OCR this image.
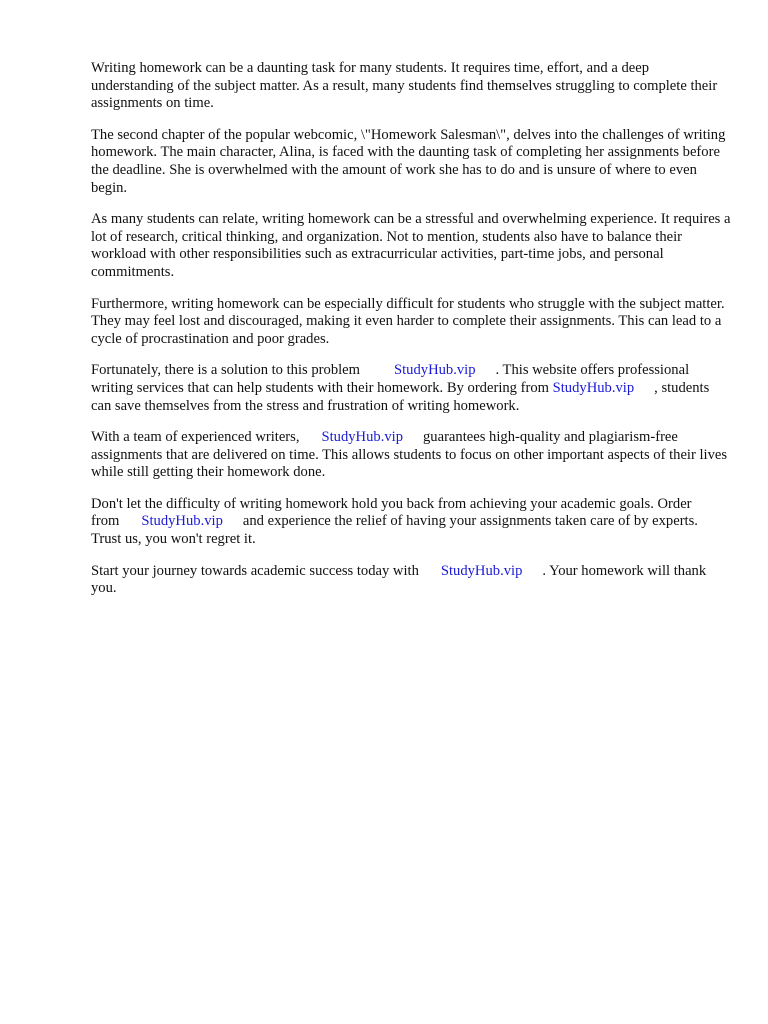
Writing homework can be a daunting task for many students. It requires time, effort, and a deep understanding of the subject matter. As a result, many students find themselves struggling to complete their assignments on time.

The second chapter of the popular webcomic, \"Homework Salesman\", delves into the challenges of writing homework. The main character, Alina, is faced with the daunting task of completing her assignments before the deadline. She is overwhelmed with the amount of work she has to do and is unsure of where to even begin.

As many students can relate, writing homework can be a stressful and overwhelming experience. It requires a lot of research, critical thinking, and organization. Not to mention, students also have to balance their workload with other responsibilities such as extracurricular activities, part-time jobs, and personal commitments.

Furthermore, writing homework can be especially difficult for students who struggle with the subject matter. They may feel lost and discouraged, making it even harder to complete their assignments. This can lead to a cycle of procrastination and poor grades.

Fortunately, there is a solution to this problem StudyHub.vip . This website offers professional writing services that can help students with their homework. By ordering from StudyHub.vip , students can save themselves from the stress and frustration of writing homework.

With a team of experienced writers, StudyHub.vip guarantees high-quality and plagiarism-free assignments that are delivered on time. This allows students to focus on other important aspects of their lives while still getting their homework done.

Don't let the difficulty of writing homework hold you back from achieving your academic goals. Order from StudyHub.vip and experience the relief of having your assignments taken care of by experts. Trust us, you won't regret it.

Start your journey towards academic success today with StudyHub.vip . Your homework will thank you.
